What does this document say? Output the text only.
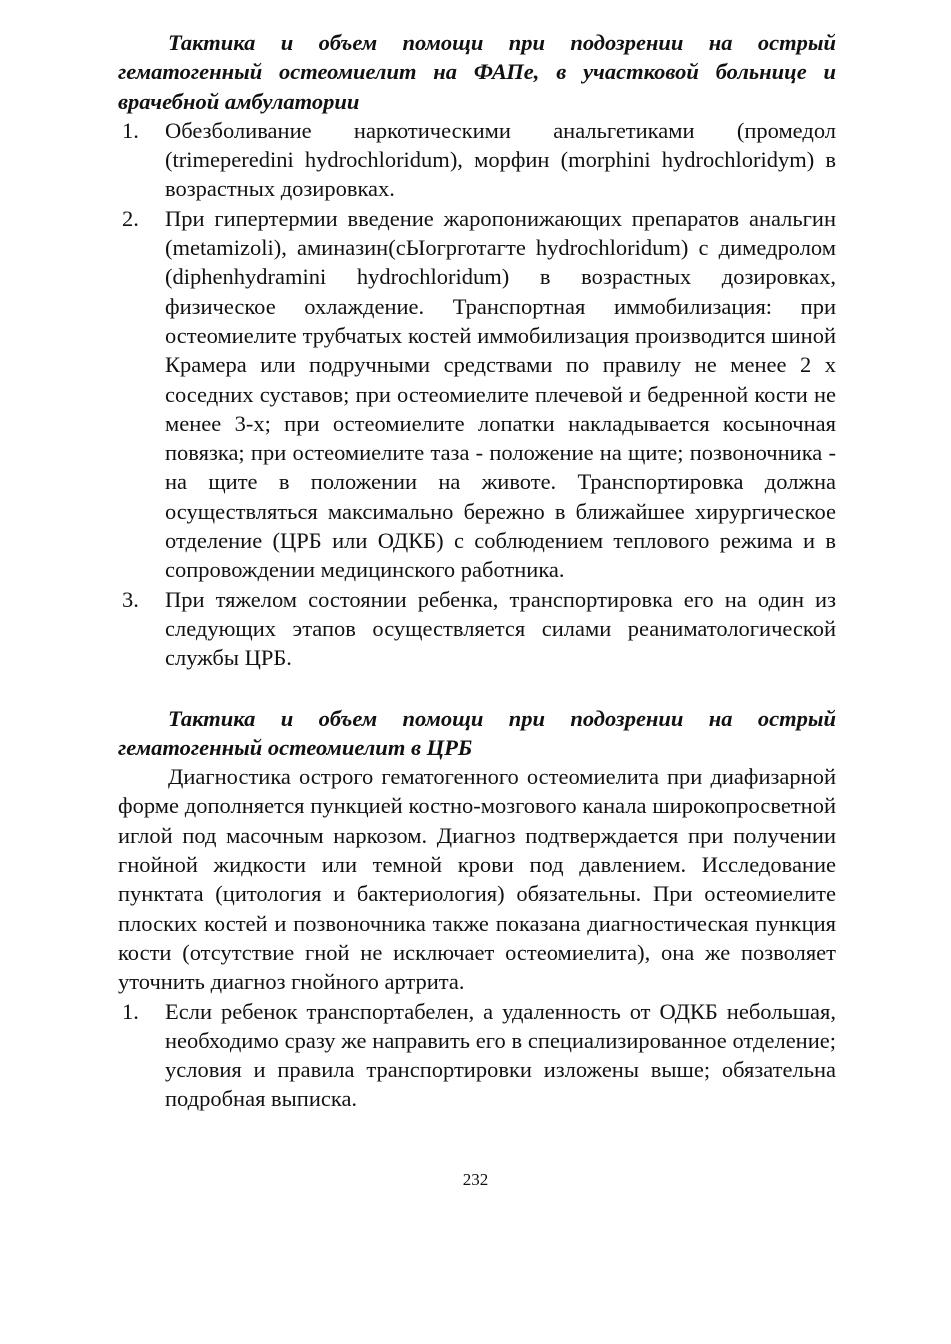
Тактика и объем помощи при подозрении на острый гематогенный остеомиелит на ФАПе, в участковой больнице и врачебной амбулатории

1. Обезболивание наркотическими анальгетиками (промедол (trimeperedini hydrochloridum), морфин (morphini hydrochloridym) в возрастных дозировках.
2. При гипертермии введение жаропонижающих препаратов анальгин (metamizoli), аминазин(сЫогрготагте hydrochloridum) с димедролом (diphenhydramini hydrochloridum) в возрастных дозировках, физическое охлаждение. Транспортная иммобилизация: при остеомиелите трубчатых костей иммобилизация производится шиной Крамера или подручными средствами по правилу не менее 2 х соседних суставов; при остеомиелите плечевой и бедренной кости не менее 3-х; при остеомиелите лопатки накладывается косыночная повязка; при остеомиелите таза - положение на щите; позвоночника - на щите в положении на животе. Транспортировка должна осуществляться максимально бережно в ближайшее хирургическое отделение (ЦРБ или ОДКБ) с соблюдением теплового режима и в сопровождении медицинского работника.
3. При тяжелом состоянии ребенка, транспортировка его на один из следующих этапов осуществляется силами реаниматологической службы ЦРБ.

Тактика и объем помощи при подозрении на острый гематогенный остеомиелит в ЦРБ

Диагностика острого гематогенного остеомиелита при диафизарной форме дополняется пункцией костно-мозгового канала широкопросветной иглой под масочным наркозом. Диагноз подтверждается при получении гнойной жидкости или темной крови под давлением. Исследование пунктата (цитология и бактериология) обязательны. При остеомиелите плоских костей и позвоночника также показана диагностическая пункция кости (отсутствие гной не исключает остеомиелита), она же позволяет уточнить диагноз гнойного артрита.

1. Если ребенок транспортабелен, а удаленность от ОДКБ небольшая, необходимо сразу же направить его в специализированное отделение; условия и правила транспортировки изложены выше; обязательна подробная выписка.
232
